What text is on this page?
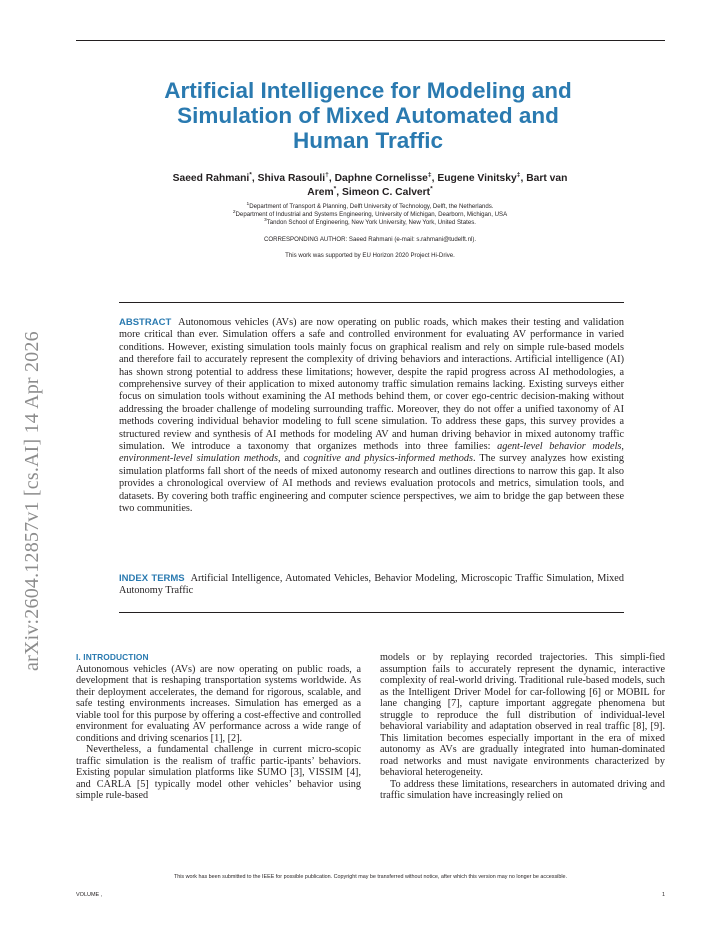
arXiv:2604.12857v1 [cs.AI] 14 Apr 2026
Artificial Intelligence for Modeling and
Simulation of Mixed Automated and
Human Traffic
Saeed Rahmani*, Shiva Rasouli†, Daphne Cornelisse‡, Eugene Vinitsky‡, Bart van
Arem*, Simeon C. Calvert*
$^1$Department of Transport & Planning, Delft University of Technology, Delft, the Netherlands.
$^2$Department of Industrial and Systems Engineering, University of Michigan, Dearborn, Michigan, USA
$^3$Tandon School of Engineering, New York University, New York, United States.
CORRESPONDING AUTHOR: Saeed Rahmani (e-mail: s.rahmani@tudelft.nl).
This work was supported by EU Horizon 2020 Project Hi-Drive.

ABSTRACT Autonomous vehicles (AVs) are now operating on public roads, which makes their testing and validation more critical than ever. Simulation offers a safe and controlled environment for evaluating AV performance in varied conditions. However, existing simulation tools mainly focus on graphical realism and rely on simple rule-based models and therefore fail to accurately represent the complexity of driving behaviors and interactions. Artificial intelligence (AI) has shown strong potential to address these limitations; however, despite the rapid progress across AI methodologies, a comprehensive survey of their application to mixed autonomy traffic simulation remains lacking. Existing surveys either focus on simulation tools without examining the AI methods behind them, or cover ego-centric decision-making without addressing the broader challenge of modeling surrounding traffic. Moreover, they do not offer a unified taxonomy of AI methods covering individual behavior modeling to full scene simulation. To address these gaps, this survey provides a structured review and synthesis of AI methods for modeling AV and human driving behavior in mixed autonomy traffic simulation. We introduce a taxonomy that organizes methods into three families: agent-level behavior models, environment-level simulation methods, and cognitive and physics-informed methods. The survey analyzes how existing simulation platforms fall short of the needs of mixed autonomy research and outlines directions to narrow this gap. It also provides a chronological overview of AI methods and reviews evaluation protocols and metrics, simulation tools, and datasets. By covering both traffic engineering and computer science perspectives, we aim to bridge the gap between these two communities.

INDEX TERMS Artificial Intelligence, Automated Vehicles, Behavior Modeling, Microscopic Traffic Simulation, Mixed Autonomy Traffic

I. INTRODUCTION

Autonomous vehicles (AVs) are now operating on public roads, a development that is reshaping transportation systems worldwide. As their deployment accelerates, the demand for rigorous, scalable, and safe testing environments increases. Simulation has emerged as a viable tool for this purpose by offering a cost-effective and controlled environment for evaluating AV performance across a wide range of conditions and driving scenarios [1], [2].

Nevertheless, a fundamental challenge in current micro-scopic traffic simulation is the realism of traffic partic-ipants’ behaviors. Existing popular simulation platforms like SUMO [3], VISSIM [4], and CARLA [5] typically model other vehicles’ behavior using simple rule-based

models or by replaying recorded trajectories. This simpli-fied assumption fails to accurately represent the dynamic, interactive complexity of real-world driving. Traditional rule-based models, such as the Intelligent Driver Model for car-following [6] or MOBIL for lane changing [7], capture important aggregate phenomena but struggle to reproduce the full distribution of individual-level behavioral variability and adaptation observed in real traffic [8], [9]. This limitation becomes especially important in the era of mixed autonomy as AVs are gradually integrated into human-dominated road networks and must navigate environments characterized by behavioral heterogeneity.

To address these limitations, researchers in automated driving and traffic simulation have increasingly relied on

This work has been submitted to the IEEE for possible publication. Copyright may be transferred without notice, after which this version may no longer be accessible.
VOLUME ,	1
